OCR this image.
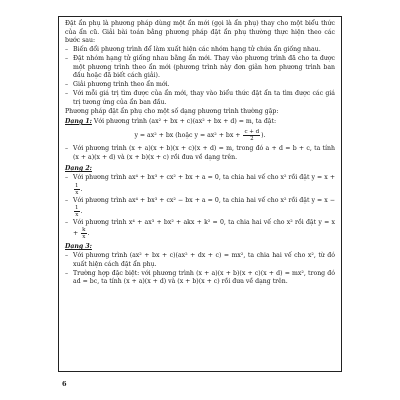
Đặt ẩn phụ là phương pháp dùng một ẩn mới (gọi là ẩn phụ) thay cho một biểu thức của ẩn cũ. Giải bài toán bằng phương pháp đặt ẩn phụ thường thực hiện theo các bước sau:

– Biến đổi phương trình để làm xuất hiện các nhóm hạng tử chứa ẩn giống nhau.
– Đặt nhóm hạng tử giống nhau bằng ẩn mới. Thay vào phương trình đã cho ta được một phương trình theo ẩn mới (phương trình này đơn giản hơn phương trình ban đầu hoặc đã biết cách giải).
– Giải phương trình theo ẩn mới.
– Với mỗi giá trị tìm được của ẩn mới, thay vào biểu thức đặt ẩn ta tìm được các giá trị tương ứng của ẩn ban đầu.

Phương pháp đặt ẩn phụ cho một số dạng phương trình thường gặp:

Dạng 1: Với phương trình (ax² + bx + c)(ax² + bx + d) = m, ta đặt:

y = ax² + bx (hoặc y = ax² + bx + $\frac{c + d}{2}$ ).
– Với phương trình (x + a)(x + b)(x + c)(x + d) = m, trong đó a + d = b + c, ta tính (x + a)(x + d) và (x + b)(x + c) rồi đưa về dạng trên.

Dạng 2:

– Với phương trình ax⁴ + bx³ + cx² + bx + a = 0, ta chia hai vế cho x² rồi đặt y = x +
$\frac{1}{x}$ .
– Với phương trình ax⁴ + bx³ + cx² − bx + a = 0, ta chia hai vế cho x² rồi đặt y = x −
$\frac{1}{x}$ .
– Với phương trình x⁴ + ax³ + bx² + akx + k² = 0, ta chia hai vế cho x² rồi đặt $y = x + \frac{k}{x}$ .

Dạng 3:

– Với phương trình (ax² + bx + c)(ax² + dx + c) = mx², ta chia hai vế cho x², từ đó xuất hiện cách đặt ẩn phụ.
– Trường hợp đặc biệt: với phương trình (x + a)(x + b)(x + c)(x + d) = mx², trong đó ad = bc, ta tính (x + a)(x + d) và (x + b)(x + c) rồi đưa về dạng trên.
6
